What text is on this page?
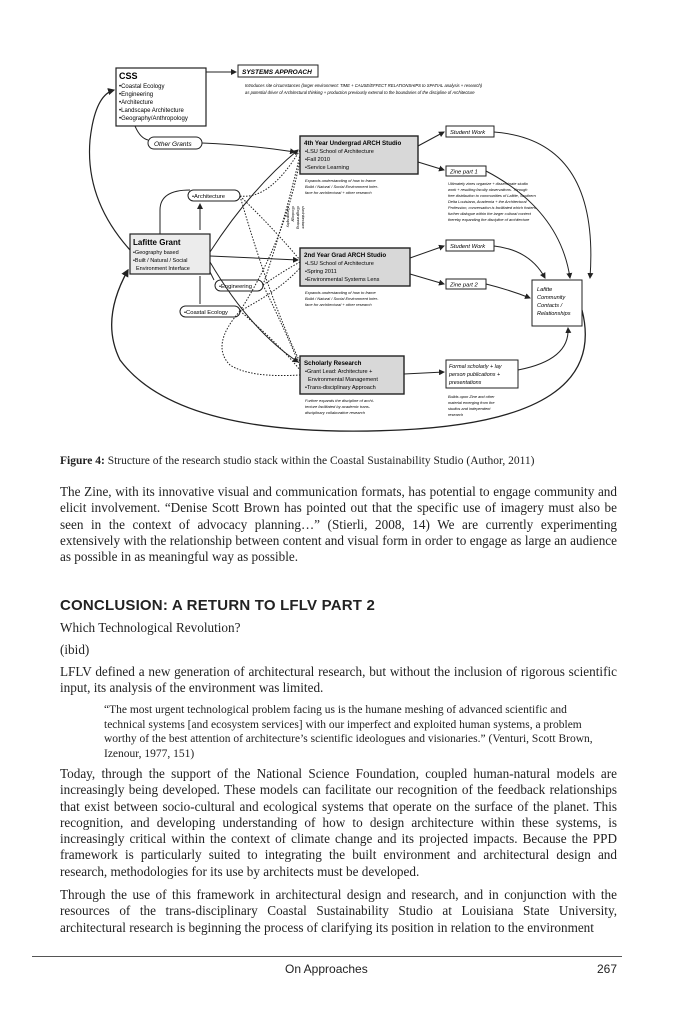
CSS
•Coastal Ecology
•Engineering
•Architecture
•Landscape Architecture
•Geography/Anthropology
SYSTEMS APPROACH
Introduces site circumstances (larger environment: TIME + CAUSE/EFFECT RELATIONSHIPS to SPATIAL analysis + research)
as potential driver of Architectural thinking + production previously external to the boundaries of the discipline of Architecture
Other Grants
Lafitte Grant
•Geography based
•Built / Natural / Social
Environment Interface
•Architecture
•Engineering
•Coastal Ecology
•Geography •Ecology •Engineering •Architecture
4th Year Undergrad ARCH Studio
•LSU School of Architecture
•Fall 2010
•Service Learning
Expands understanding of how to frame
Build / Natural / Social Environment Inter-
face for architectural + other research
2nd Year Grad ARCH Studio
•LSU School of Architecture
•Spring 2011
•Environmental Systems Lens
Expands understanding of how to frame
Build / Natural / Social Environment Inter-
face for architectural + other research
Scholarly Research
•Grant Lead: Architecture +
Environmental Management
•Trans-disciplinary Approach
Further expands the discipline of archi-
tecture facilitated by academic trans-
disciplinary collaborative research
Student Work
Zine part 1
Ultimately zines organize + disseminate studio
work + resulting faculty observations. Through
free distribution to communities of Lafitte, Southern
Delta Louisiana, Academia + the Architectural
Profession, conversation is facilitated which fosters
further dialogue within the larger cultural context
thereby expanding the discipline of architecture
Student Work
Zine part 2
Formal scholarly + lay
person publications +
presentations
Builds upon Zine and other
material emerging from the
studios and independent
research
Lafitte
Community
Contacts /
Relationships
Figure 4: Structure of the research studio stack within the Coastal Sustainability Studio (Author, 2011)

The Zine, with its innovative visual and communication formats, has potential to engage community and elicit involvement. “Denise Scott Brown has pointed out that the specific use of imagery must also be seen in the context of advocacy planning…” (Stierli, 2008, 14) We are currently experimenting extensively with the relationship between content and visual form in order to engage as large an audience as possible in as meaningful way as possible.

CONCLUSION: A RETURN TO LFLV PART 2

Which Technological Revolution?

(ibid)

LFLV defined a new generation of architectural research, but without the inclusion of rigorous scientific input, its analysis of the environment was limited.

“The most urgent technological problem facing us is the humane meshing of advanced scientific and technical systems [and ecosystem services] with our imperfect and exploited human systems, a problem worthy of the best attention of architecture’s scientific ideologues and visionaries.” (Venturi, Scott Brown, Izenour, 1977, 151)

Today, through the support of the National Science Foundation, coupled human-natural models are increasingly being developed. These models can facilitate our recognition of the feedback relationships that exist between socio-cultural and ecological systems that operate on the surface of the planet. This recognition, and developing understanding of how to design architecture within these systems, is increasingly critical within the context of climate change and its projected impacts. Because the PPD framework is particularly suited to integrating the built environment and architectural design and research, methodologies for its use by architects must be developed.

Through the use of this framework in architectural design and research, and in conjunction with the resources of the trans-disciplinary Coastal Sustainability Studio at Louisiana State University, architectural research is beginning the process of clarifying its position in relation to the environment

On Approaches	267
